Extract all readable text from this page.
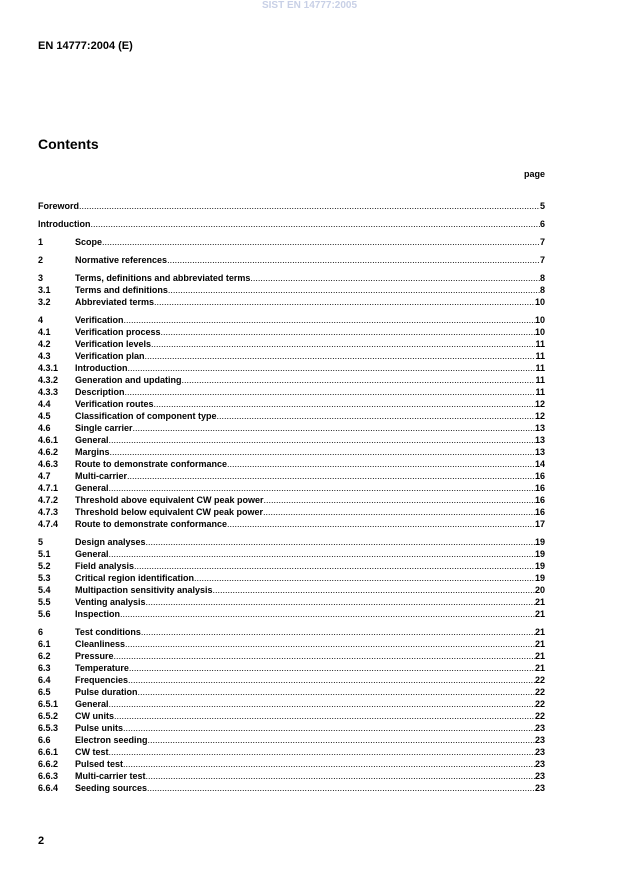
SIST EN 14777:2005
EN 14777:2004 (E)
Contents
page
Foreword .....	5
Introduction .....	6
1	Scope .....	7
2	Normative references .....	7
3	Terms, definitions and abbreviated terms .....	8
3.1	Terms and definitions .....	8
3.2	Abbreviated terms .....	10
4	Verification .....	10
4.1	Verification process .....	10
4.2	Verification levels .....	11
4.3	Verification plan .....	11
4.3.1	Introduction .....	11
4.3.2	Generation and updating .....	11
4.3.3	Description .....	11
4.4	Verification routes .....	12
4.5	Classification of component type .....	12
4.6	Single carrier .....	13
4.6.1	General .....	13
4.6.2	Margins .....	13
4.6.3	Route to demonstrate conformance .....	14
4.7	Multi-carrier .....	16
4.7.1	General .....	16
4.7.2	Threshold above equivalent CW peak power .....	16
4.7.3	Threshold below equivalent CW peak power .....	16
4.7.4	Route to demonstrate conformance .....	17
5	Design analyses .....	19
5.1	General .....	19
5.2	Field analysis .....	19
5.3	Critical region identification .....	19
5.4	Multipaction sensitivity analysis .....	20
5.5	Venting analysis .....	21
5.6	Inspection .....	21
6	Test conditions .....	21
6.1	Cleanliness .....	21
6.2	Pressure .....	21
6.3	Temperature .....	21
6.4	Frequencies .....	22
6.5	Pulse duration .....	22
6.5.1	General .....	22
6.5.2	CW units .....	22
6.5.3	Pulse units .....	23
6.6	Electron seeding .....	23
6.6.1	CW test .....	23
6.6.2	Pulsed test .....	23
6.6.3	Multi-carrier test .....	23
6.6.4	Seeding sources .....	23
2
